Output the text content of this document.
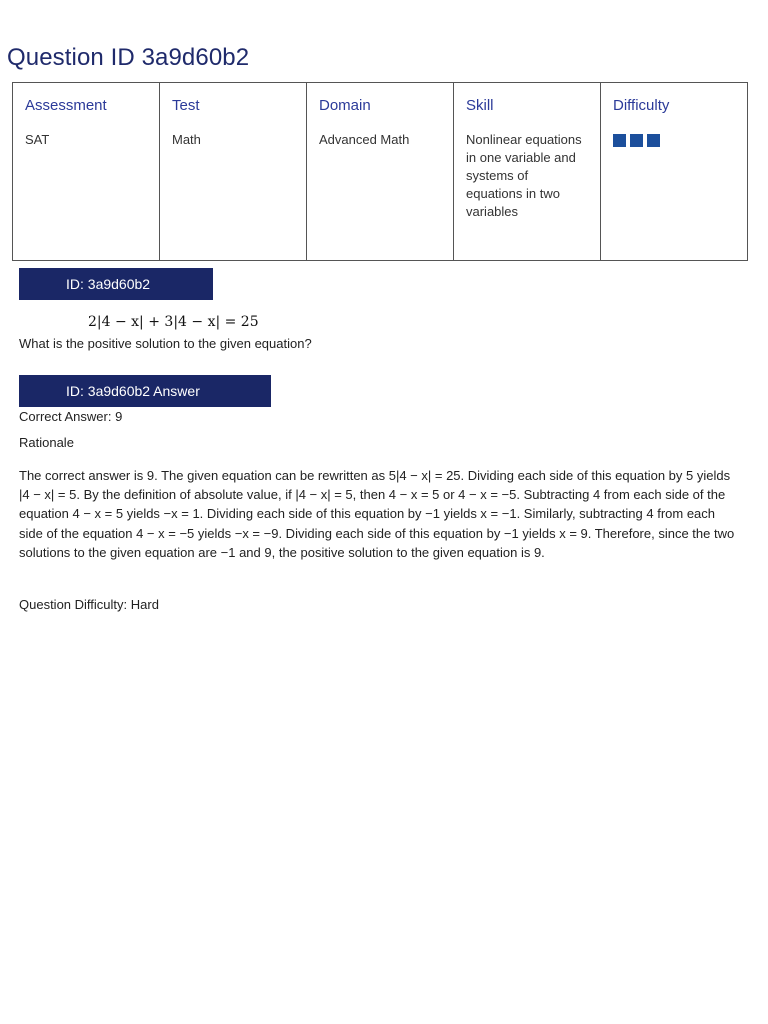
Question ID 3a9d60b2
Assessment	Test	Domain	Skill	Difficulty
SAT	Math	Advanced Math	Nonlinear equations in one variable and systems of equations in two variables	
ID: 3a9d60b2
2|4 − x| + 3|4 − x| = 25
What is the positive solution to the given equation?
ID: 3a9d60b2 Answer
Correct Answer: 9
Rationale
The correct answer is 9. The given equation can be rewritten as 5|4 − x| = 25. Dividing each side of this equation by 5 yields |4 − x| = 5. By the definition of absolute value, if |4 − x| = 5, then 4 − x = 5 or 4 − x = −5. Subtracting 4 from each side of the equation 4 − x = 5 yields −x = 1. Dividing each side of this equation by −1 yields x = −1. Similarly, subtracting 4 from each side of the equation 4 − x = −5 yields −x = −9. Dividing each side of this equation by −1 yields x = 9. Therefore, since the two solutions to the given equation are −1 and 9, the positive solution to the given equation is 9.
Question Difficulty: Hard
